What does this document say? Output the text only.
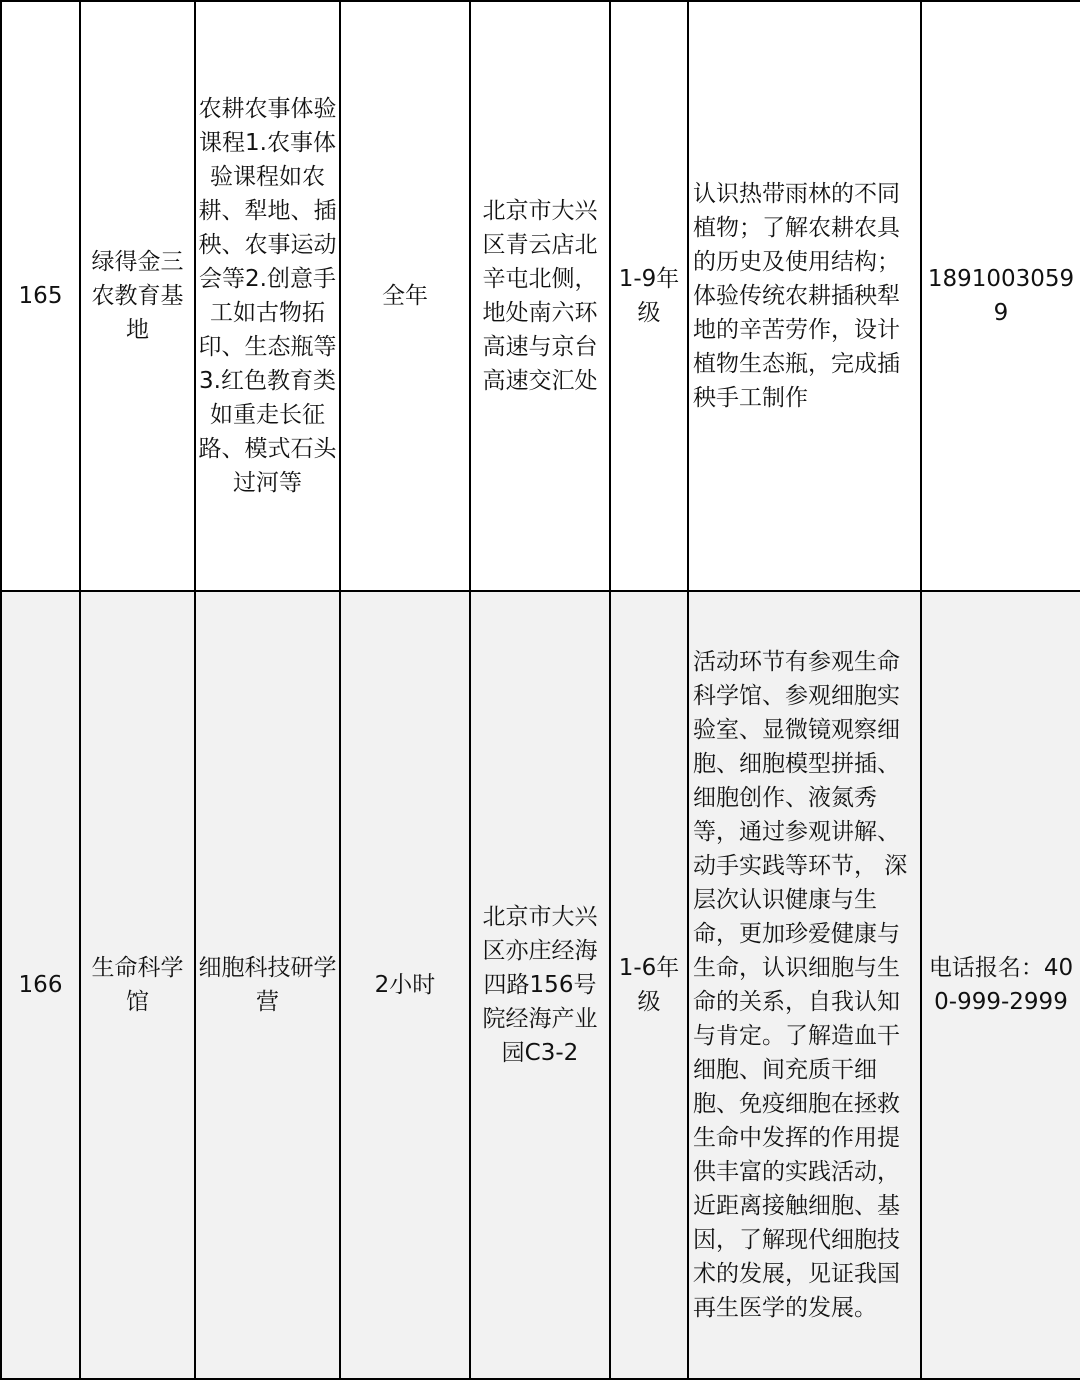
165	绿得金三农教育基地	农耕农事体验课程1.农事体验课程如农耕、犁地、插秧、农事运动会等2.创意手工如古物拓印、生态瓶等3.红色教育类如重走长征路、模式石头过河等	全年	北京市大兴区青云店北辛屯北侧，地处南六环高速与京台高速交汇处	1-9年级	认识热带雨林的不同植物；了解农耕农具的历史及使用结构；体验传统农耕插秧犁地的辛苦劳作，设计植物生态瓶，完成插秧手工制作	18910030599
166	生命科学馆	细胞科技研学营	2小时	北京市大兴区亦庄经海四路156号院经海产业园C3-2	1-6年级	活动环节有参观生命科学馆、参观细胞实验室、显微镜观察细胞、细胞模型拼插、细胞创作、液氮秀等，通过参观讲解、动手实践等环节， 深层次认识健康与生命，更加珍爱健康与生命，认识细胞与生命的关系，自我认知与肯定。了解造血干细胞、间充质干细胞、免疫细胞在拯救生命中发挥的作用提供丰富的实践活动，近距离接触细胞、基因，了解现代细胞技术的发展，见证我国再生医学的发展。	电话报名：400-999-2999
